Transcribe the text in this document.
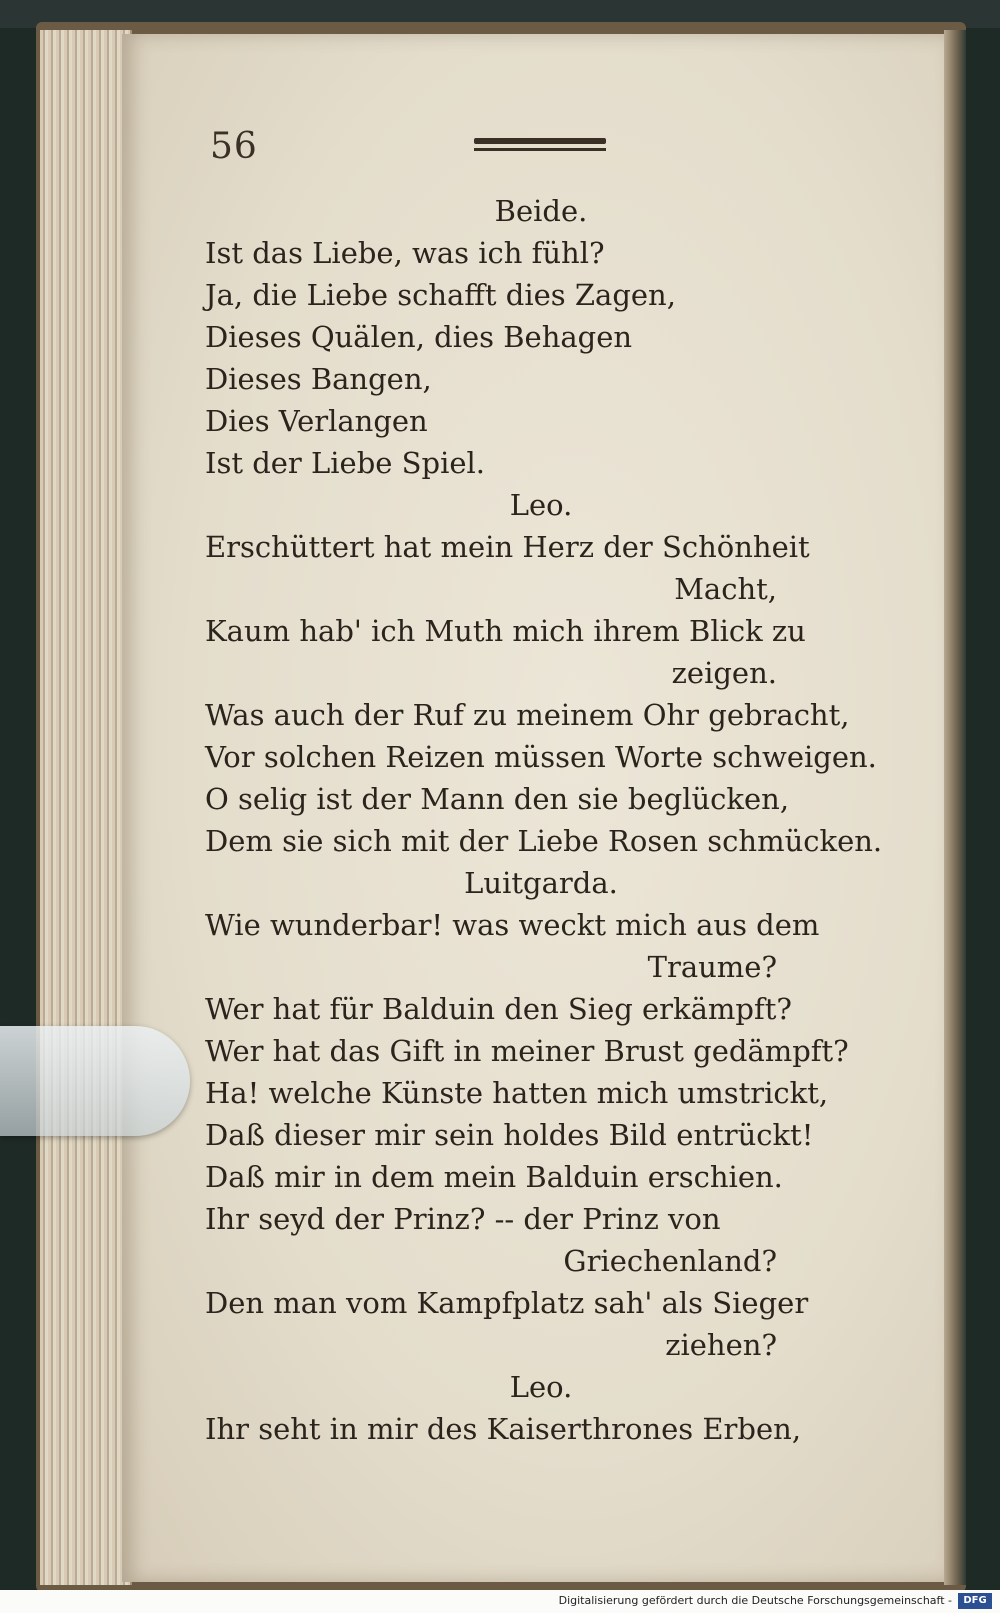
56
Beide.
Ist das Liebe, was ich fühl?
Ja, die Liebe schafft dies Zagen,
Dieses Quälen, dies Behagen
Dieses Bangen,
Dies Verlangen
Ist der Liebe Spiel.
Leo.
Erschüttert hat mein Herz der Schönheit
Macht,
Kaum hab' ich Muth mich ihrem Blick zu
zeigen.
Was auch der Ruf zu meinem Ohr gebracht,
Vor solchen Reizen müssen Worte schweigen.
O selig ist der Mann den sie beglücken,
Dem sie sich mit der Liebe Rosen schmücken.
Luitgarda.
Wie wunderbar! was weckt mich aus dem
Traume?
Wer hat für Balduin den Sieg erkämpft?
Wer hat das Gift in meiner Brust gedämpft?
Ha! welche Künste hatten mich umstrickt,
Daß dieser mir sein holdes Bild entrückt!
Daß mir in dem mein Balduin erschien.
Ihr seyd der Prinz? -- der Prinz von
Griechenland?
Den man vom Kampfplatz sah' als Sieger
ziehen?
Leo.
Ihr seht in mir des Kaiserthrones Erben,
Digitalisierung gefördert durch die Deutsche Forschungsgemeinschaft -	DFG
